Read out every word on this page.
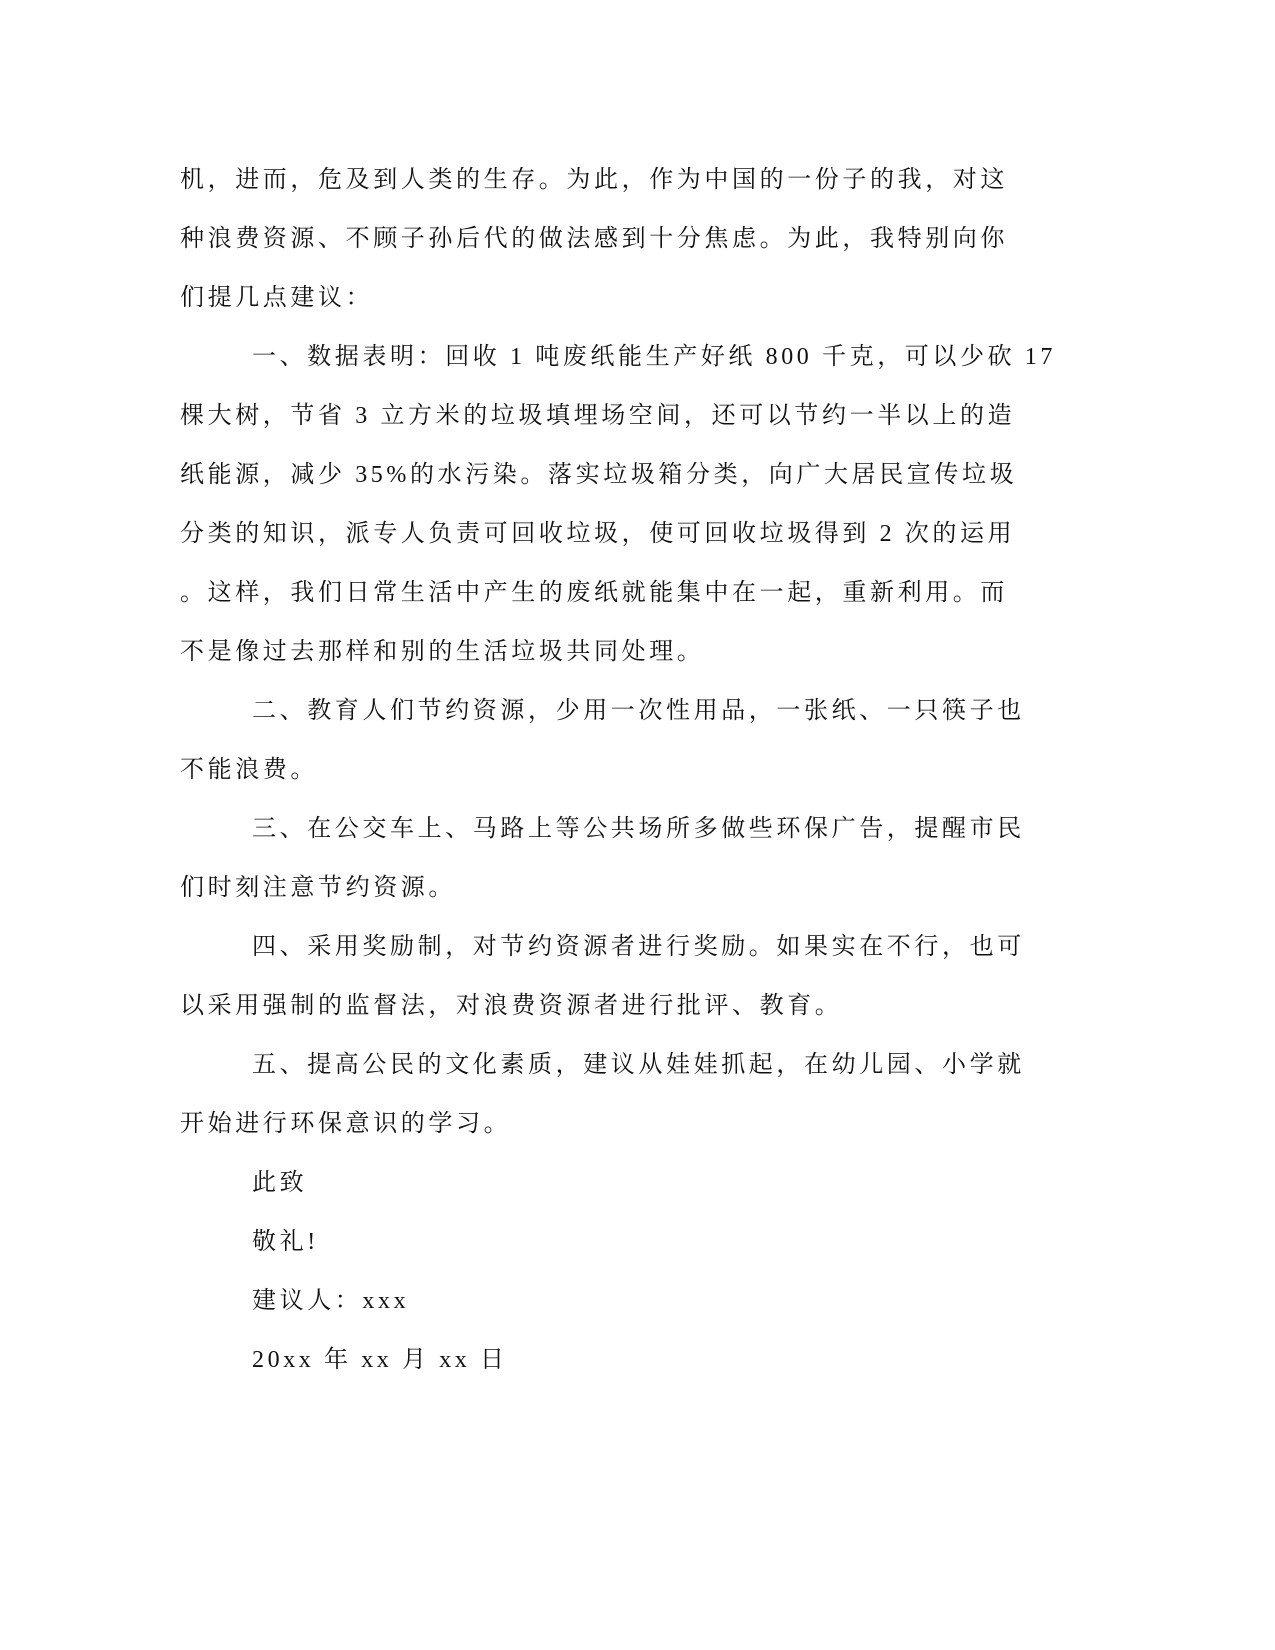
机，进而，危及到人类的生存。为此，作为中国的一份子的我，对这
种浪费资源、不顾子孙后代的做法感到十分焦虑。为此，我特别向你
们提几点建议：
一、数据表明：回收 1 吨废纸能生产好纸 800 千克，可以少砍 17
棵大树，节省 3 立方米的垃圾填埋场空间，还可以节约一半以上的造
纸能源，减少 35%的水污染。落实垃圾箱分类，向广大居民宣传垃圾
分类的知识，派专人负责可回收垃圾，使可回收垃圾得到 2 次的运用
。这样，我们日常生活中产生的废纸就能集中在一起，重新利用。而
不是像过去那样和别的生活垃圾共同处理。
二、教育人们节约资源，少用一次性用品，一张纸、一只筷子也
不能浪费。
三、在公交车上、马路上等公共场所多做些环保广告，提醒市民
们时刻注意节约资源。
四、采用奖励制，对节约资源者进行奖励。如果实在不行，也可
以采用强制的监督法，对浪费资源者进行批评、教育。
五、提高公民的文化素质，建议从娃娃抓起，在幼儿园、小学就
开始进行环保意识的学习。
此致
敬礼!
建议人：xxx
20xx 年 xx 月 xx 日
